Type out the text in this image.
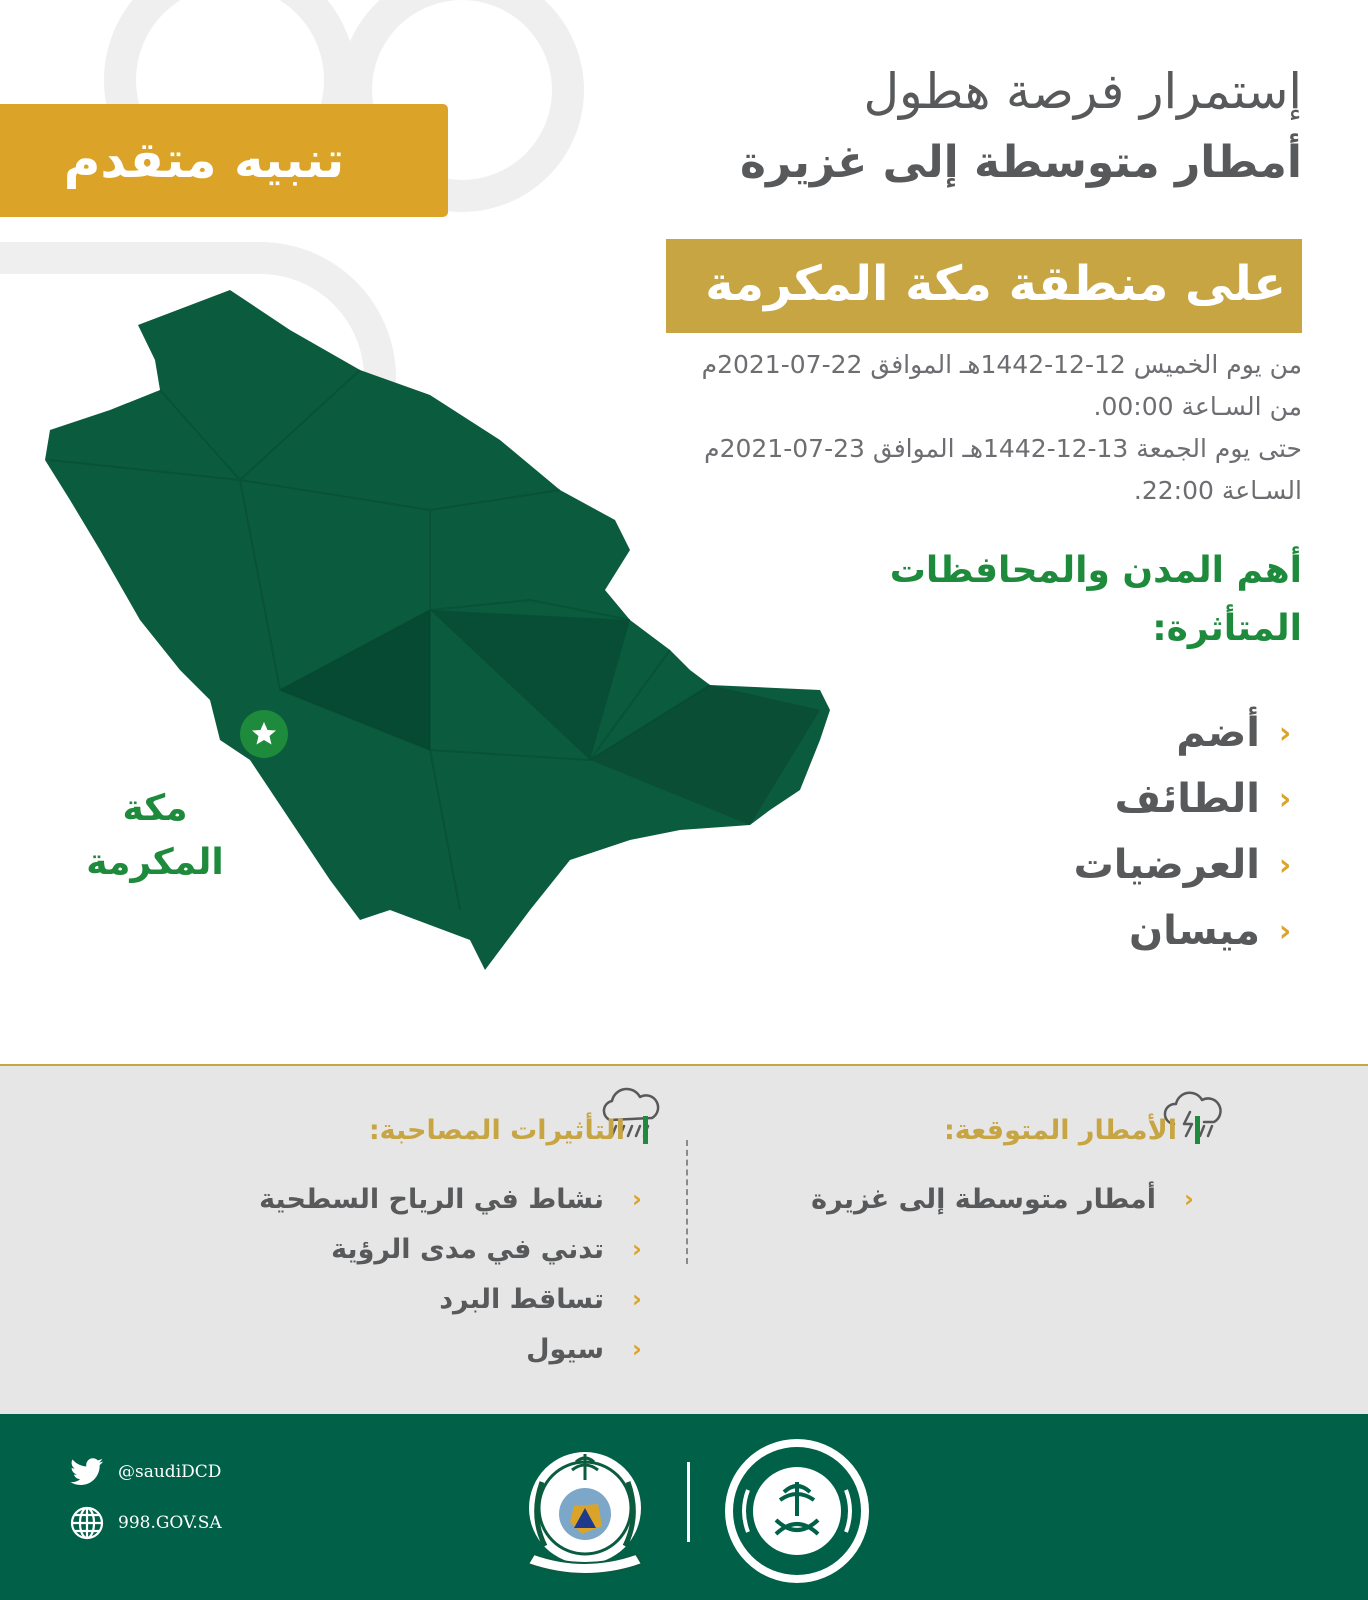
تنبيه متقدم
إستمرار فرصة هطول
أمطار متوسطة إلى غزيرة
على منطقة مكة المكرمة
من يوم الخميس 12-12-1442هـ الموافق 22-07-2021م
من السـاعة 00:00.
حتى يوم الجمعة 13-12-1442هـ الموافق 23-07-2021م
السـاعة 22:00.
أهم المدن والمحافظات
المتأثرة:
‹
أضم
‹
الطائف
‹
العرضيات
‹
ميسان
مكة
المكرمة
الأمطار المتوقعة:
‹
أمطار متوسطة إلى غزيرة
التأثيرات المصاحبة:
‹
نشاط في الرياح السطحية
‹
تدني في مدى الرؤية
‹
تساقط البرد
‹
سيول
@saudiDCD
998.GOV.SA
